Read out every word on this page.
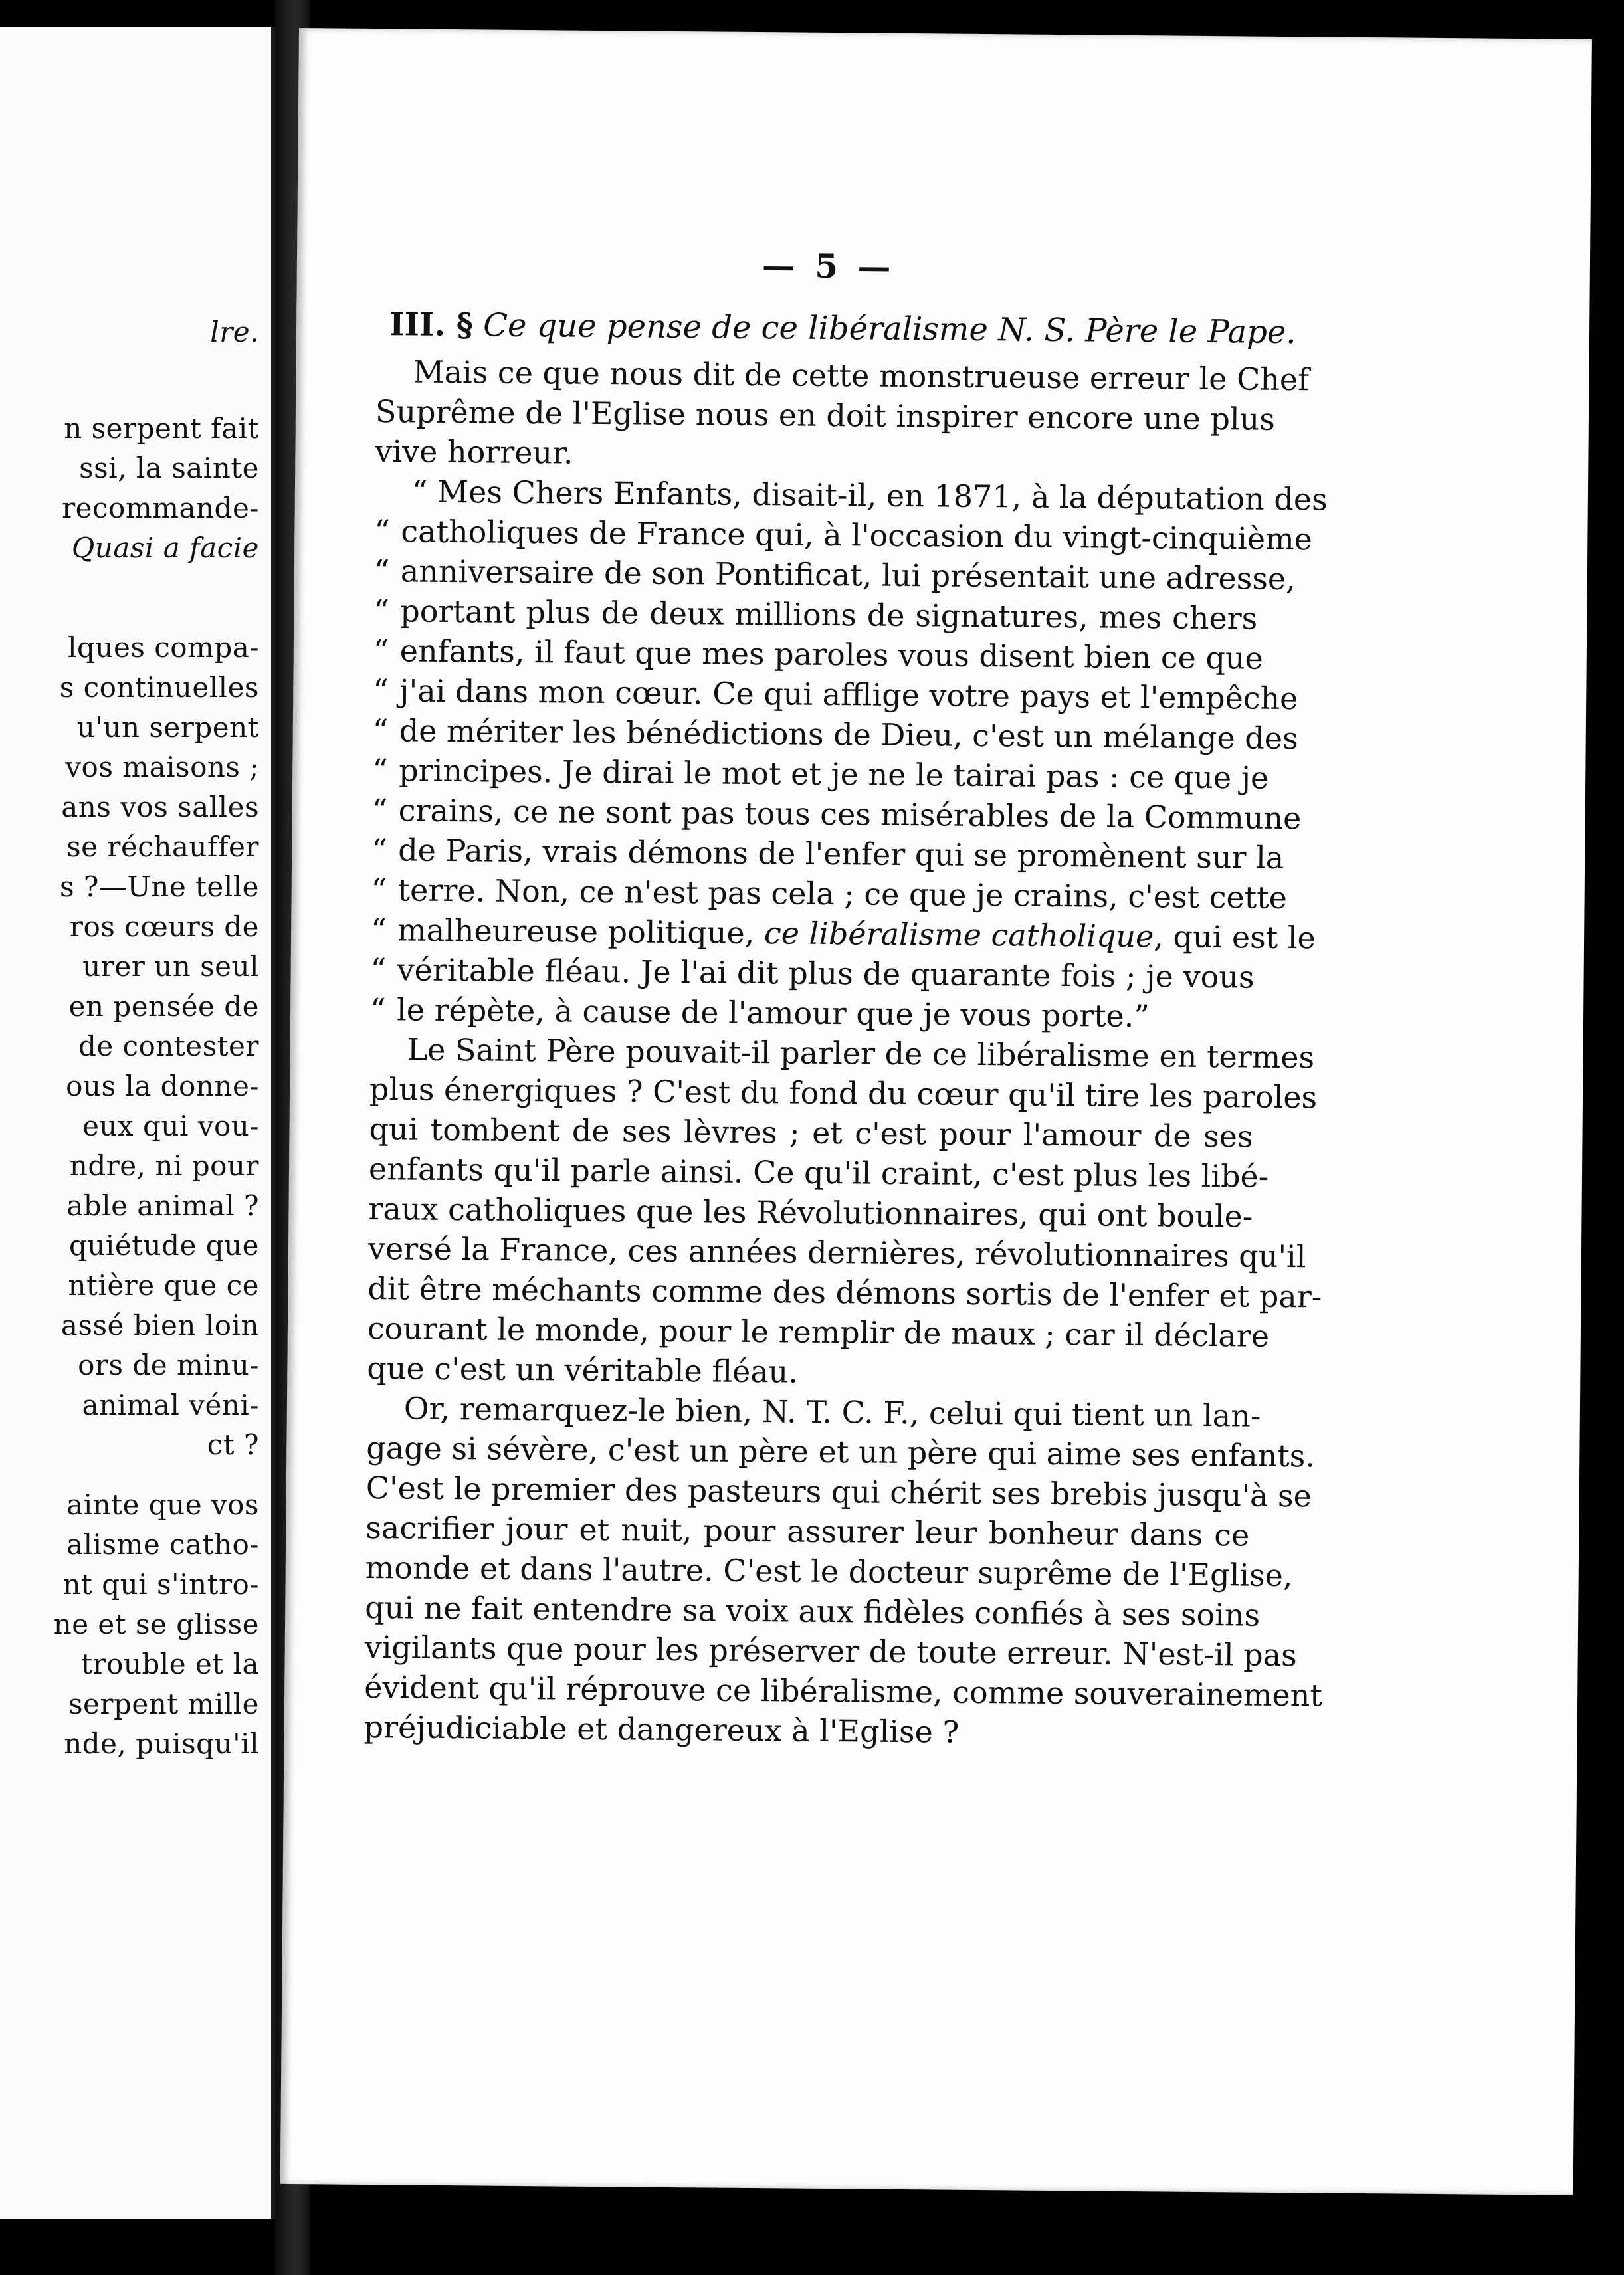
lre.
n serpent fait
ssi, la sainte
recommande-
Quasi a facie
lques compa-
s continuelles
u'un serpent
vos maisons ;
ans vos salles
se réchauffer
s ?—Une telle
ros cœurs de
urer un seul
en pensée de
de contester
ous la donne-
eux qui vou-
ndre, ni pour
able animal ?
quiétude que
ntière que ce
assé bien loin
ors de minu-
animal véni-
ct ?
ainte que vos
alisme catho-
nt qui s'intro-
ne et se glisse
trouble et la
serpent mille
nde, puisqu'il
— 5 —
III. § Ce que pense de ce libéralisme N. S. Père le Pape.
Mais ce que nous dit de cette monstrueuse erreur le Chef
Suprême de l'Eglise nous en doit inspirer encore une plus
vive horreur.
“ Mes Chers Enfants, disait-il, en 1871, à la députation des
“ catholiques de France qui, à l'occasion du vingt-cinquième
“ anniversaire de son Pontificat, lui présentait une adresse,
“ portant plus de deux millions de signatures, mes chers
“ enfants, il faut que mes paroles vous disent bien ce que
“ j'ai dans mon cœur. Ce qui afflige votre pays et l'empêche
“ de mériter les bénédictions de Dieu, c'est un mélange des
“ principes. Je dirai le mot et je ne le tairai pas : ce que je
“ crains, ce ne sont pas tous ces misérables de la Commune
“ de Paris, vrais démons de l'enfer qui se promènent sur la
“ terre. Non, ce n'est pas cela ; ce que je crains, c'est cette
“ malheureuse politique, ce libéralisme catholique, qui est le
“ véritable fléau. Je l'ai dit plus de quarante fois ; je vous
“ le répète, à cause de l'amour que je vous porte.”
Le Saint Père pouvait-il parler de ce libéralisme en termes
plus énergiques ? C'est du fond du cœur qu'il tire les paroles
qui tombent de ses lèvres ; et c'est pour l'amour de ses
enfants qu'il parle ainsi. Ce qu'il craint, c'est plus les libé-
raux catholiques que les Révolutionnaires, qui ont boule-
versé la France, ces années dernières, révolutionnaires qu'il
dit être méchants comme des démons sortis de l'enfer et par-
courant le monde, pour le remplir de maux ; car il déclare
que c'est un véritable fléau.
Or, remarquez-le bien, N. T. C. F., celui qui tient un lan-
gage si sévère, c'est un père et un père qui aime ses enfants.
C'est le premier des pasteurs qui chérit ses brebis jusqu'à se
sacrifier jour et nuit, pour assurer leur bonheur dans ce
monde et dans l'autre. C'est le docteur suprême de l'Eglise,
qui ne fait entendre sa voix aux fidèles confiés à ses soins
vigilants que pour les préserver de toute erreur. N'est-il pas
évident qu'il réprouve ce libéralisme, comme souverainement
préjudiciable et dangereux à l'Eglise ?
